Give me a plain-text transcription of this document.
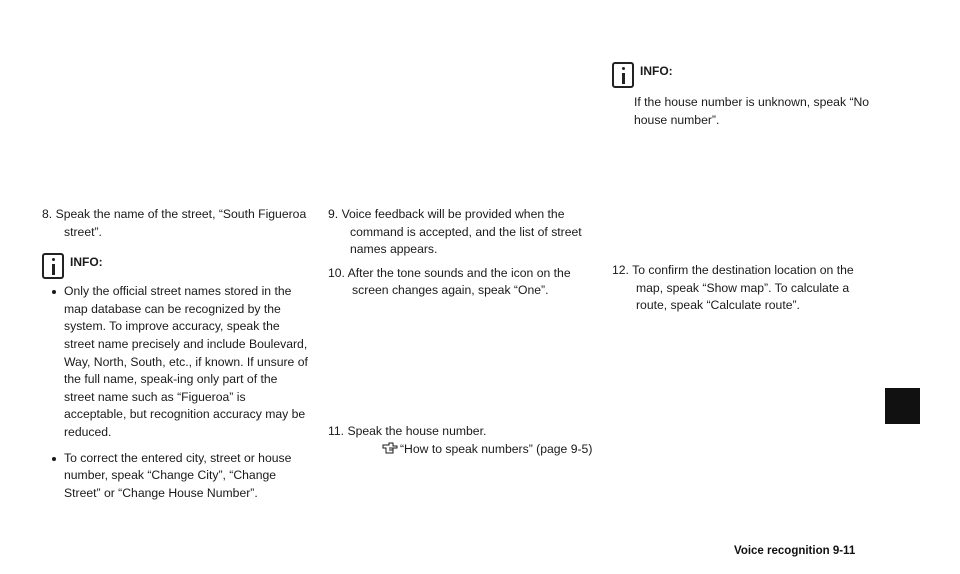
8. Speak the name of the street, “South Figueroa street”.

INFO:

Only the official street names stored in the map database can be recognized by the system. To improve accuracy, speak the street name precisely and include Boulevard, Way, North, South, etc., if known. If unsure of the full name, speak-ing only part of the street name such as “Figueroa” is acceptable, but recognition accuracy may be reduced.

To correct the entered city, street or house number, speak “Change City”, “Change Street” or “Change House Number”.

9. Voice feedback will be provided when the command is accepted, and the list of street names appears.

10. After the tone sounds and the icon on the screen changes again, speak “One”.

11. Speak the house number.

“How to speak numbers” (page 9-5)

INFO:

If the house number is unknown, speak “No house number”.

12. To confirm the destination location on the map, speak “Show map”. To calculate a route, speak “Calculate route”.

Voice recognition 9-11
